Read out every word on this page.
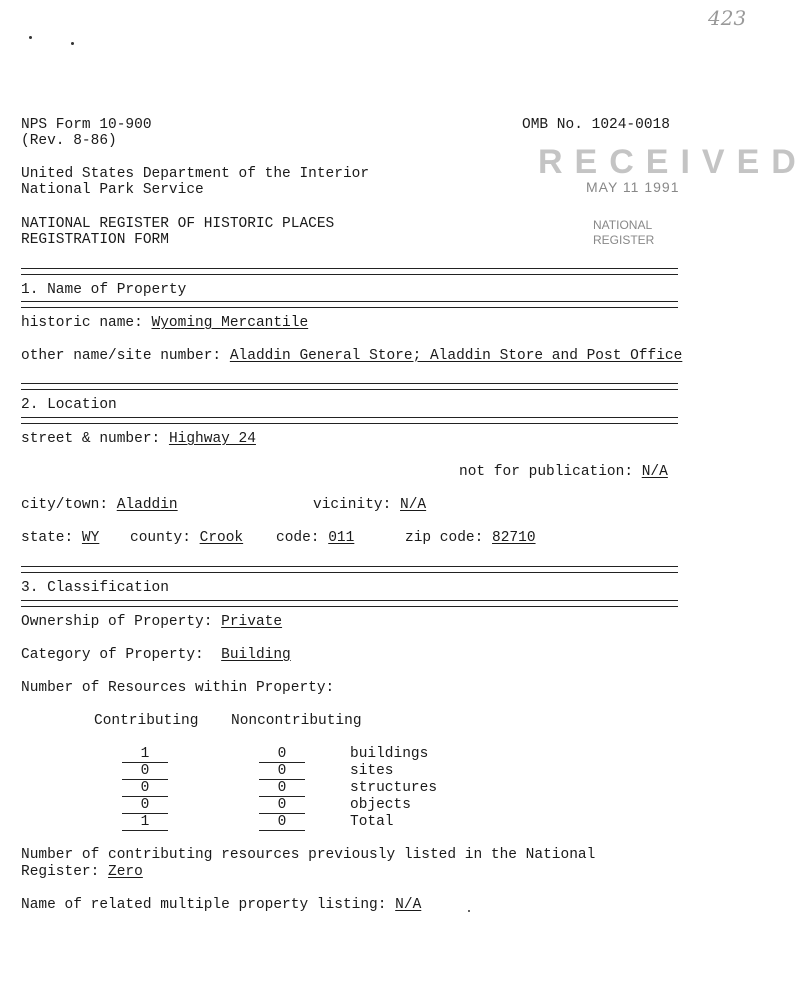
423
NPS Form 10-900	OMB No. 1024-0018
(Rev. 8-86)
United States Department of the Interior
National Park Service
NATIONAL REGISTER OF HISTORIC PLACES
REGISTRATION FORM
RECEIVED
MAY 11 1991
NATIONAL
REGISTER
1. Name of Property
historic name: Wyoming Mercantile
other name/site number: Aladdin General Store; Aladdin Store and Post Office
2. Location
street & number: Highway 24
not for publication: N/A
city/town: Aladdin	vicinity: N/A
state: WY county: Crook code: 011	zip code: 82710
3. Classification
Ownership of Property: Private
Category of Property: Building
Number of Resources within Property:
Contributing Noncontributing
1	0	buildings
0	0	sites
0	0	structures
0	0	objects
1	0	Total
Number of contributing resources previously listed in the National
Register: Zero
Name of related multiple property listing: N/A
